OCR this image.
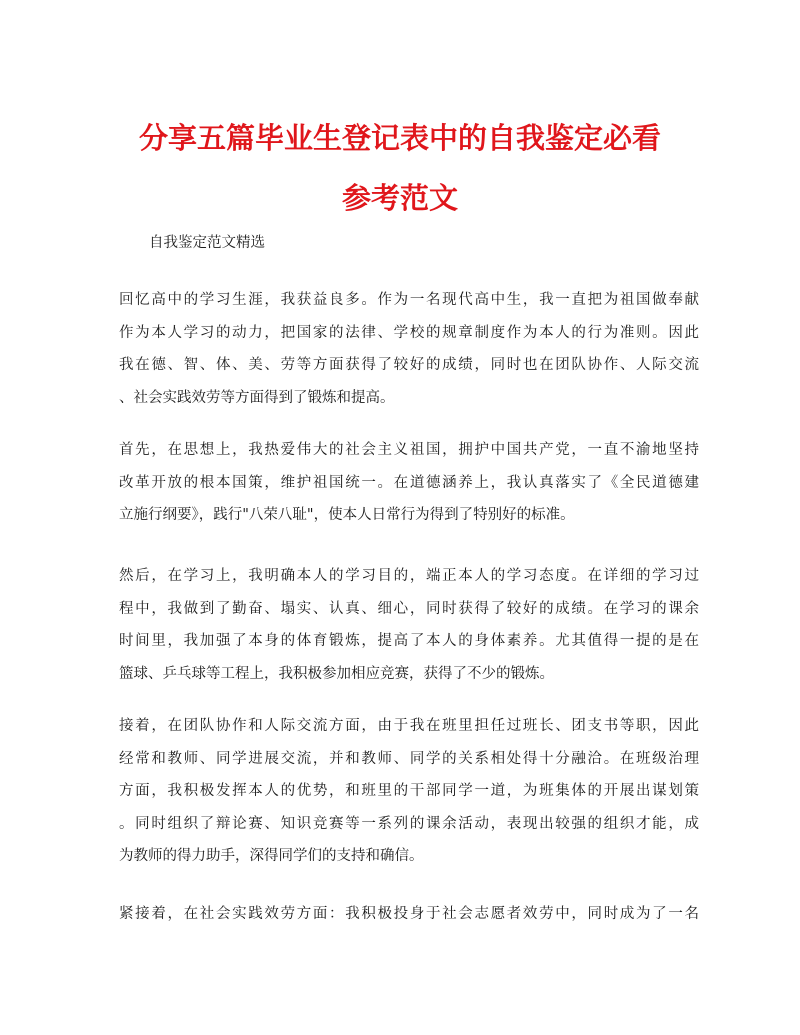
分享五篇毕业生登记表中的自我鉴定必看
参考范文
自我鉴定范文精选
回忆高中的学习生涯，我获益良多。作为一名现代高中生，我一直把为祖国做奉献
作为本人学习的动力，把国家的法律、学校的规章制度作为本人的行为准则。因此
我在德、智、体、美、劳等方面获得了较好的成绩，同时也在团队协作、人际交流
、社会实践效劳等方面得到了锻炼和提高。
首先，在思想上，我热爱伟大的社会主义祖国，拥护中国共产党，一直不渝地坚持
改革开放的根本国策，维护祖国统一。在道德涵养上，我认真落实了《全民道德建
立施行纲要》，践行"八荣八耻"，使本人日常行为得到了特别好的标准。
然后，在学习上，我明确本人的学习目的，端正本人的学习态度。在详细的学习过
程中，我做到了勤奋、塌实、认真、细心，同时获得了较好的成绩。在学习的课余
时间里，我加强了本身的体育锻炼，提高了本人的身体素养。尤其值得一提的是在
篮球、乒乓球等工程上，我积极参加相应竞赛，获得了不少的锻炼。
接着，在团队协作和人际交流方面，由于我在班里担任过班长、团支书等职，因此
经常和教师、同学进展交流，并和教师、同学的关系相处得十分融洽。在班级治理
方面，我积极发挥本人的优势，和班里的干部同学一道，为班集体的开展出谋划策
。同时组织了辩论赛、知识竞赛等一系列的课余活动，表现出较强的组织才能，成
为教师的得力助手，深得同学们的支持和确信。
紧接着，在社会实践效劳方面：我积极投身于社会志愿者效劳中，同时成为了一名
